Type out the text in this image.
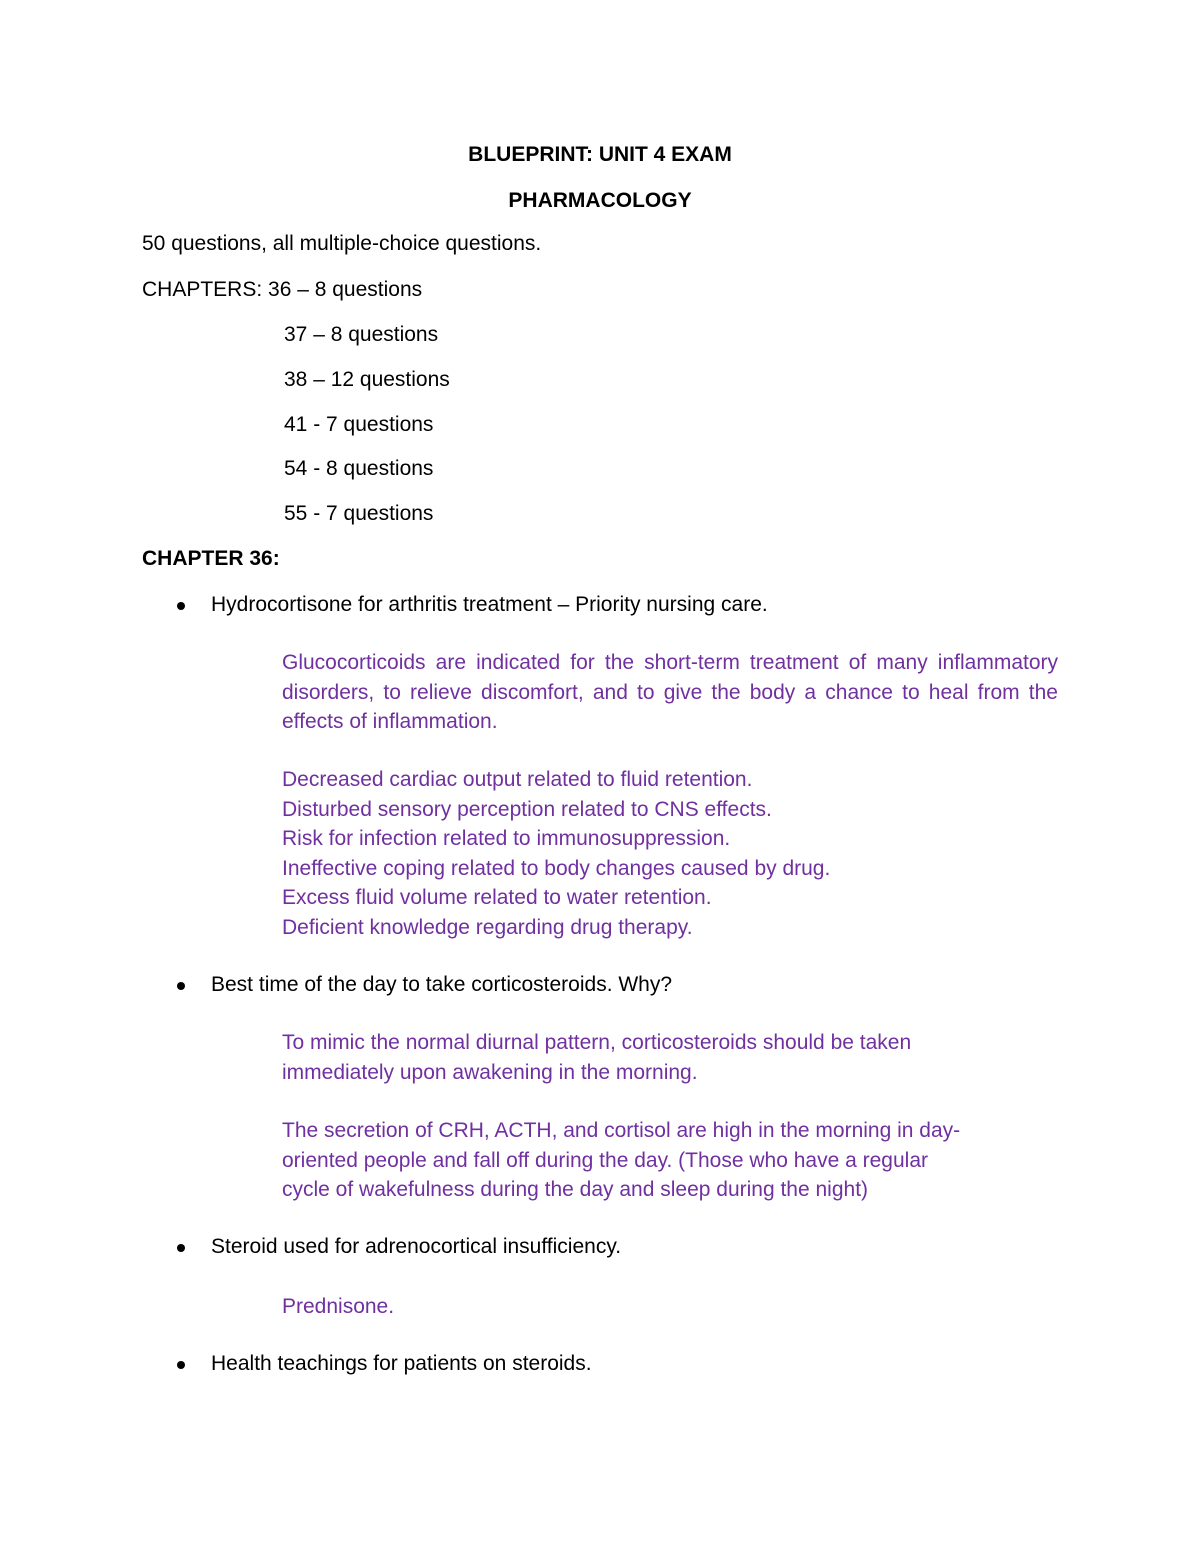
BLUEPRINT: UNIT 4 EXAM
PHARMACOLOGY
50 questions, all multiple-choice questions.
CHAPTERS: 36 – 8 questions
37 – 8 questions
38 – 12 questions
41 - 7 questions
54 - 8 questions
55 - 7 questions
CHAPTER 36:
Hydrocortisone for arthritis treatment – Priority nursing care.
Glucocorticoids are indicated for the short-term treatment of many inflammatory disorders, to relieve discomfort, and to give the body a chance to heal from the effects of inflammation.
Decreased cardiac output related to fluid retention.
Disturbed sensory perception related to CNS effects.
Risk for infection related to immunosuppression.
Ineffective coping related to body changes caused by drug.
Excess fluid volume related to water retention.
Deficient knowledge regarding drug therapy.
Best time of the day to take corticosteroids. Why?
To mimic the normal diurnal pattern, corticosteroids should be taken
immediately upon awakening in the morning.
The secretion of CRH, ACTH, and cortisol are high in the morning in day-
oriented people and fall off during the day. (Those who have a regular
cycle of wakefulness during the day and sleep during the night)
Steroid used for adrenocortical insufficiency.
Prednisone.
Health teachings for patients on steroids.
